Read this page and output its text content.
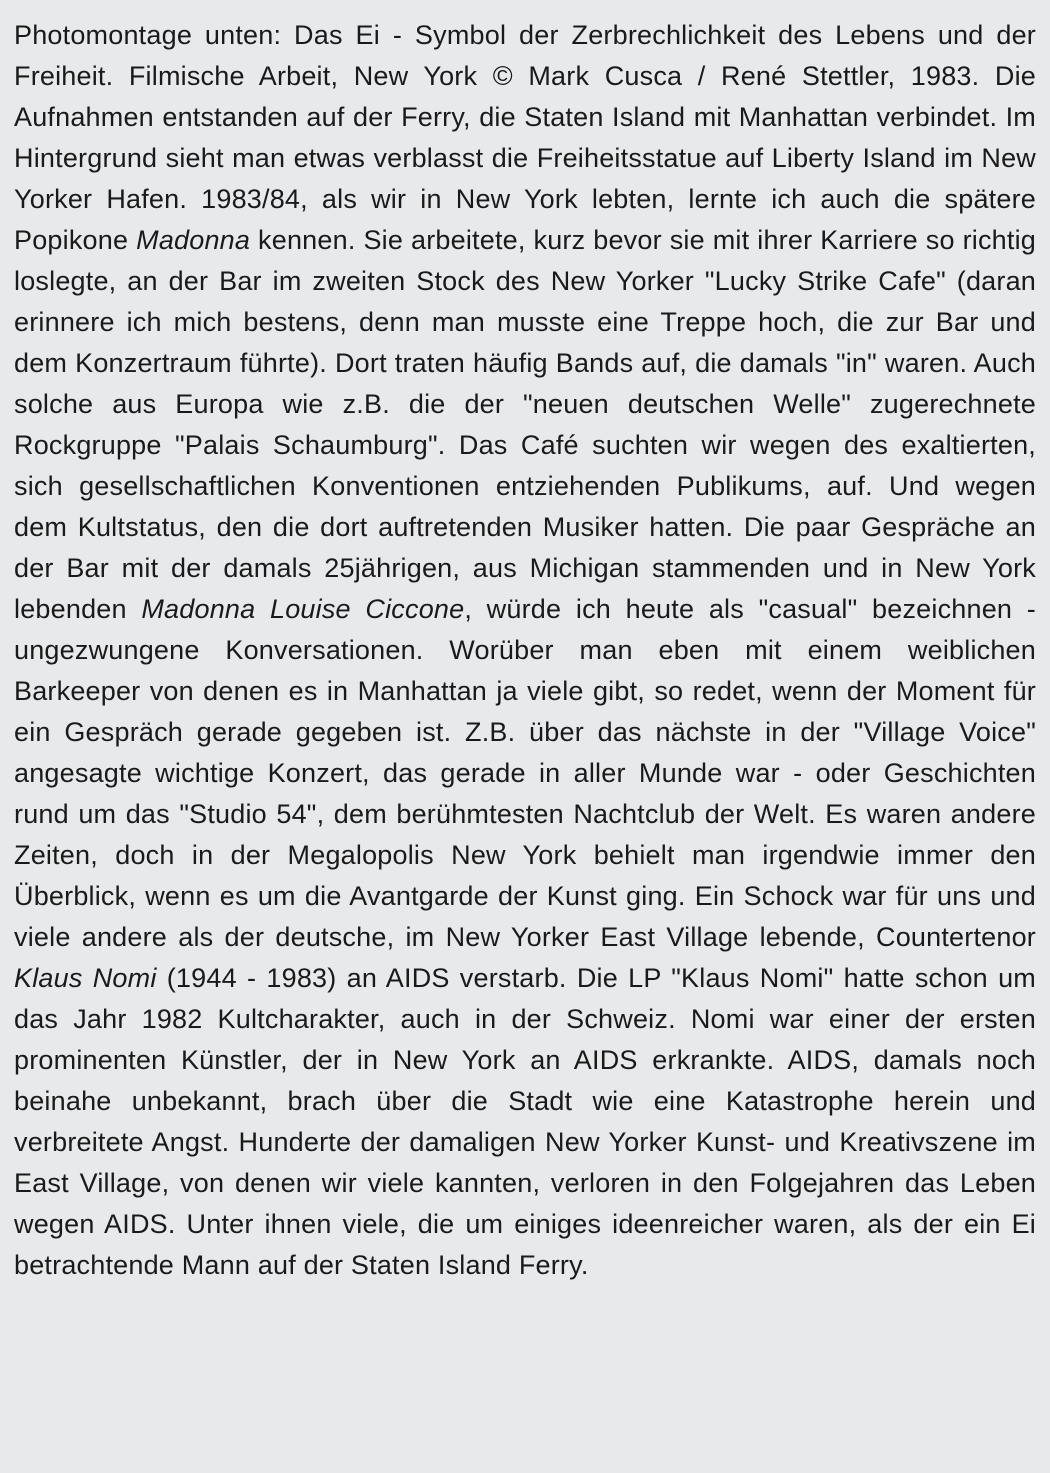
Photomontage unten: Das Ei - Symbol der Zerbrechlichkeit des Lebens und der Freiheit. Filmische Arbeit, New York © Mark Cusca / René Stettler, 1983. Die Aufnahmen entstanden auf der Ferry, die Staten Island mit Manhattan verbindet. Im Hintergrund sieht man etwas verblasst die Freiheitsstatue auf Liberty Island im New Yorker Hafen. 1983/84, als wir in New York lebten, lernte ich auch die spätere Popikone Madonna kennen. Sie arbeitete, kurz bevor sie mit ihrer Karriere so richtig loslegte, an der Bar im zweiten Stock des New Yorker "Lucky Strike Cafe" (daran erinnere ich mich bestens, denn man musste eine Treppe hoch, die zur Bar und dem Konzertraum führte). Dort traten häufig Bands auf, die damals "in" waren. Auch solche aus Europa wie z.B. die der "neuen deutschen Welle" zugerechnete Rockgruppe "Palais Schaumburg". Das Café suchten wir wegen des exaltierten, sich gesellschaftlichen Konventionen entziehenden Publikums, auf. Und wegen dem Kultstatus, den die dort auftretenden Musiker hatten. Die paar Gespräche an der Bar mit der damals 25jährigen, aus Michigan stammenden und in New York lebenden Madonna Louise Ciccone, würde ich heute als "casual" bezeichnen - ungezwungene Konversationen. Worüber man eben mit einem weiblichen Barkeeper von denen es in Manhattan ja viele gibt, so redet, wenn der Moment für ein Gespräch gerade gegeben ist. Z.B. über das nächste in der "Village Voice" angesagte wichtige Konzert, das gerade in aller Munde war - oder Geschichten rund um das "Studio 54", dem berühmtesten Nachtclub der Welt. Es waren andere Zeiten, doch in der Megalopolis New York behielt man irgendwie immer den Überblick, wenn es um die Avantgarde der Kunst ging. Ein Schock war für uns und viele andere als der deutsche, im New Yorker East Village lebende, Countertenor Klaus Nomi (1944 - 1983) an AIDS verstarb. Die LP "Klaus Nomi" hatte schon um das Jahr 1982 Kultcharakter, auch in der Schweiz. Nomi war einer der ersten prominenten Künstler, der in New York an AIDS erkrankte. AIDS, damals noch beinahe unbekannt, brach über die Stadt wie eine Katastrophe herein und verbreitete Angst. Hunderte der damaligen New Yorker Kunst- und Kreativszene im East Village, von denen wir viele kannten, verloren in den Folgejahren das Leben wegen AIDS. Unter ihnen viele, die um einiges ideenreicher waren, als der ein Ei betrachtende Mann auf der Staten Island Ferry.
